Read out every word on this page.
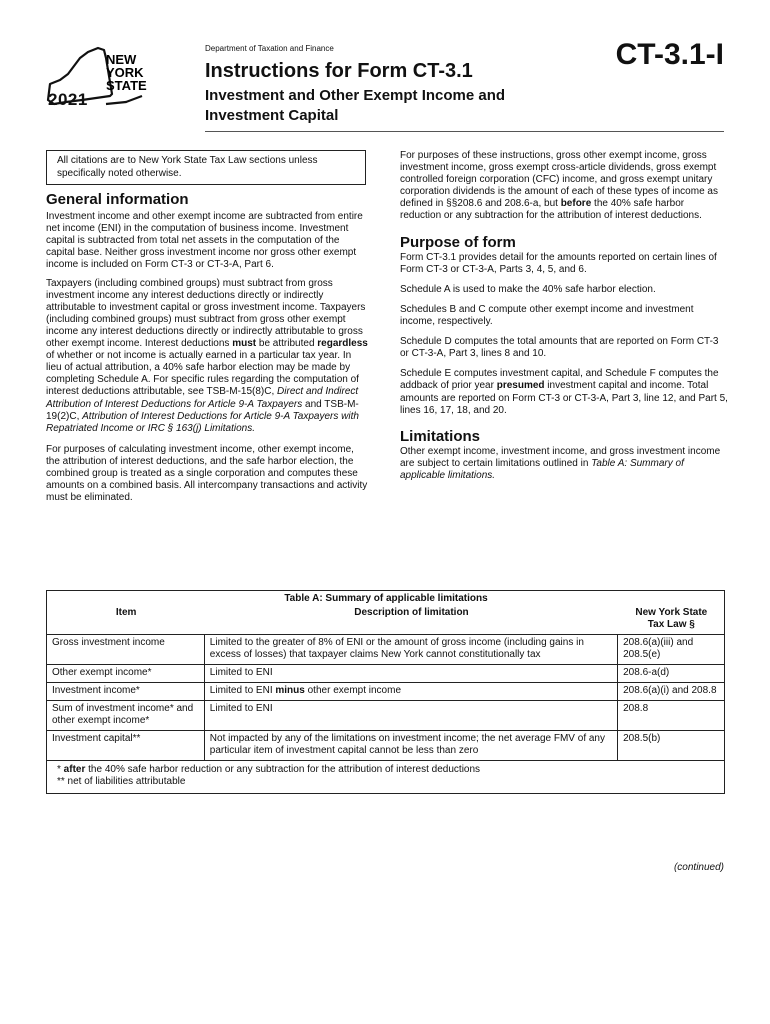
NEW
YORK
STATE
2021
Department of Taxation and Finance
Instructions for Form CT-3.1
Investment and Other Exempt Income and
Investment Capital
CT-3.1-I
All citations are to New York State Tax Law sections unless specifically noted otherwise.
General information

Investment income and other exempt income are subtracted from entire net income (ENI) in the computation of business income. Investment capital is subtracted from total net assets in the computation of the capital base. Neither gross investment income nor gross other exempt income is included on Form CT-3 or CT-3-A, Part 6.

Taxpayers (including combined groups) must subtract from gross investment income any interest deductions directly or indirectly attributable to investment capital or gross investment income. Taxpayers (including combined groups) must subtract from gross other exempt income any interest deductions directly or indirectly attributable to gross other exempt income. Interest deductions must be attributed regardless of whether or not income is actually earned in a particular tax year. In lieu of actual attribution, a 40% safe harbor election may be made by completing Schedule A. For specific rules regarding the computation of interest deductions attributable, see TSB-M-15(8)C, Direct and Indirect Attribution of Interest Deductions for Article 9-A Taxpayers and TSB-M-19(2)C, Attribution of Interest Deductions for Article 9-A Taxpayers with Repatriated Income or IRC § 163(j) Limitations.

For purposes of calculating investment income, other exempt income, the attribution of interest deductions, and the safe harbor election, the combined group is treated as a single corporation and computes these amounts on a combined basis. All intercompany transactions and activity must be eliminated.

For purposes of these instructions, gross other exempt income, gross investment income, gross exempt cross-article dividends, gross exempt controlled foreign corporation (CFC) income, and gross exempt unitary corporation dividends is the amount of each of these types of income as defined in §§208.6 and 208.6-a, but before the 40% safe harbor reduction or any subtraction for the attribution of interest deductions.

Purpose of form

Form CT-3.1 provides detail for the amounts reported on certain lines of Form CT-3 or CT-3-A, Parts 3, 4, 5, and 6.

Schedule A is used to make the 40% safe harbor election.

Schedules B and C compute other exempt income and investment income, respectively.

Schedule D computes the total amounts that are reported on Form CT-3 or CT-3-A, Part 3, lines 8 and 10.

Schedule E computes investment capital, and Schedule F computes the addback of prior year presumed investment capital and income. Total amounts are reported on Form CT-3 or CT-3-A, Part 3, line 12, and Part 5, lines 16, 17, 18, and 20.

Limitations

Other exempt income, investment income, and gross investment income are subject to certain limitations outlined in Table A: Summary of applicable limitations.

Table A: Summary of applicable limitations		
Item	Description of limitation	New York State
Tax Law §

Gross investment income	Limited to the greater of 8% of ENI or the amount of gross income (including gains in excess of losses) that taxpayer claims New York cannot constitutionally tax	208.6(a)(iii) and 208.5(e)
Other exempt income*	Limited to ENI	208.6-a(d)
Investment income*	Limited to ENI minus other exempt income	208.6(a)(i) and 208.8
Sum of investment income* and other exempt income*	Limited to ENI	208.8
Investment capital**	Not impacted by any of the limitations on investment income; the net average FMV of any particular item of investment capital cannot be less than zero	208.5(b)

* after the 40% safe harbor reduction or any subtraction for the attribution of interest deductions
** net of liabilities attributable		
(continued)
